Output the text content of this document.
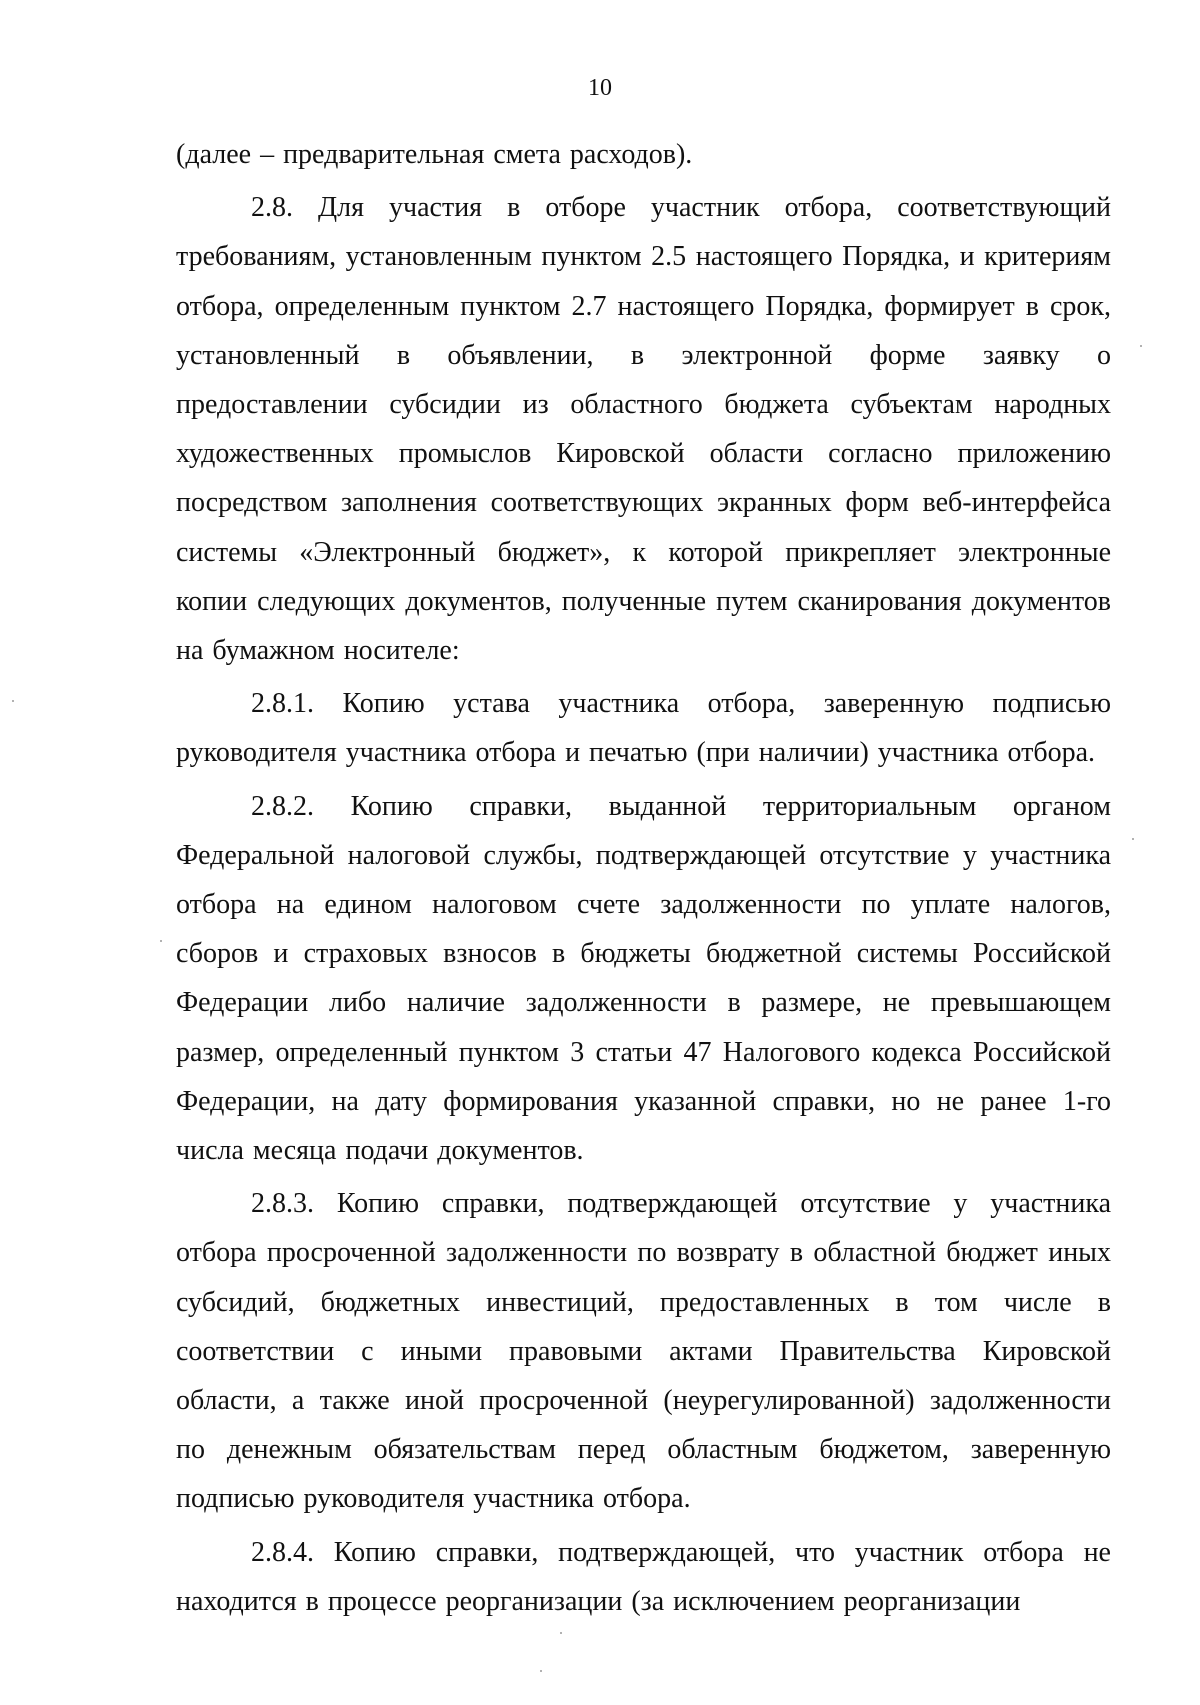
10

(далее – предварительная смета расходов).

2.8. Для участия в отборе участник отбора, соответствующий требованиям, установленным пунктом 2.5 настоящего Порядка, и критериям отбора, определенным пунктом 2.7 настоящего Порядка, формирует в срок, установленный в объявлении, в электронной форме заявку о предоставлении субсидии из областного бюджета субъектам народных художественных промыслов Кировской области согласно приложению посредством заполнения соответствующих экранных форм веб-интерфейса системы «Электронный бюджет», к которой прикрепляет электронные копии следующих документов, полученные путем сканирования документов на бумажном носителе:

2.8.1. Копию устава участника отбора, заверенную подписью руководителя участника отбора и печатью (при наличии) участника отбора.

2.8.2. Копию справки, выданной территориальным органом Федеральной налоговой службы, подтверждающей отсутствие у участника отбора на едином налоговом счете задолженности по уплате налогов, сборов и страховых взносов в бюджеты бюджетной системы Российской Федерации либо наличие задолженности в размере, не превышающем размер, определенный пунктом 3 статьи 47 Налогового кодекса Российской Федерации, на дату формирования указанной справки, но не ранее 1-го числа месяца подачи документов.

2.8.3. Копию справки, подтверждающей отсутствие у участника отбора просроченной задолженности по возврату в областной бюджет иных субсидий, бюджетных инвестиций, предоставленных в том числе в соответствии с иными правовыми актами Правительства Кировской области, а также иной просроченной (неурегулированной) задолженности по денежным обязательствам перед областным бюджетом, заверенную подписью руководителя участника отбора.

2.8.4. Копию справки, подтверждающей, что участник отбора не находится в процессе реорганизации (за исключением реорганизации
